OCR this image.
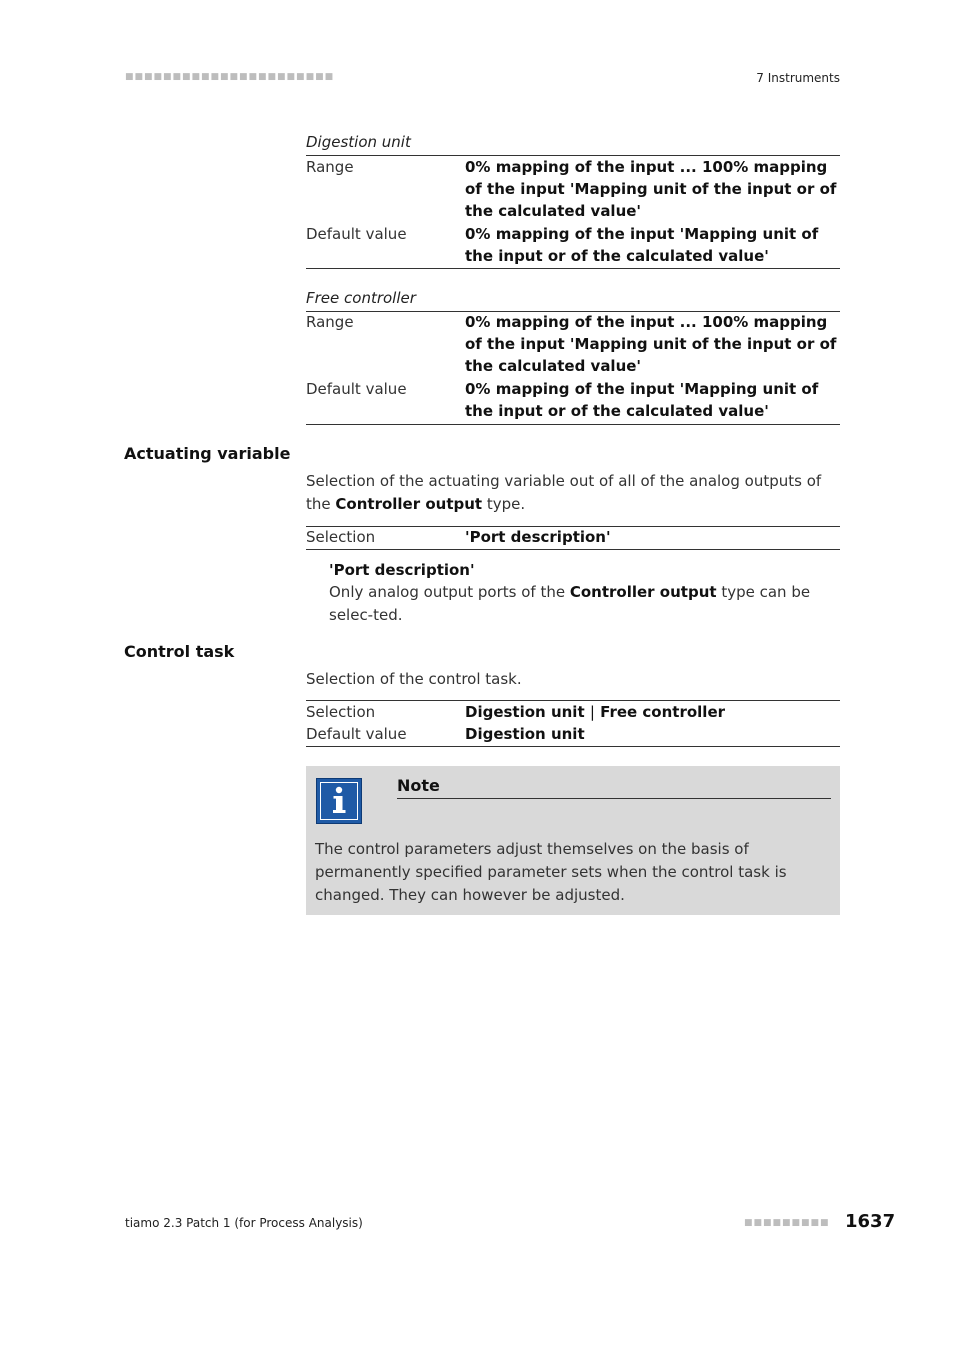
■■■■■■■■■■■■■■■■■■■■■■	7 Instruments
Digestion unit
Range	0% mapping of the input ... 100% mapping of the input 'Mapping unit of the input or of the calculated value'
Default value	0% mapping of the input 'Mapping unit of the input or of the calculated value'
Free controller
Range	0% mapping of the input ... 100% mapping of the input 'Mapping unit of the input or of the calculated value'
Default value	0% mapping of the input 'Mapping unit of the input or of the calculated value'
Actuating variable
Selection of the actuating variable out of all of the analog outputs of the Controller output type.
Selection	'Port description'
'Port description'
Only analog output ports of the Controller output type can be selec-ted.
Control task
Selection of the control task.
Selection	Digestion unit | Free controller
Default value	Digestion unit
Note
The control parameters adjust themselves on the basis of permanently specified parameter sets when the control task is changed. They can however be adjusted.
tiamo 2.3 Patch 1 (for Process Analysis)	■■■■■■■■■ 1637
